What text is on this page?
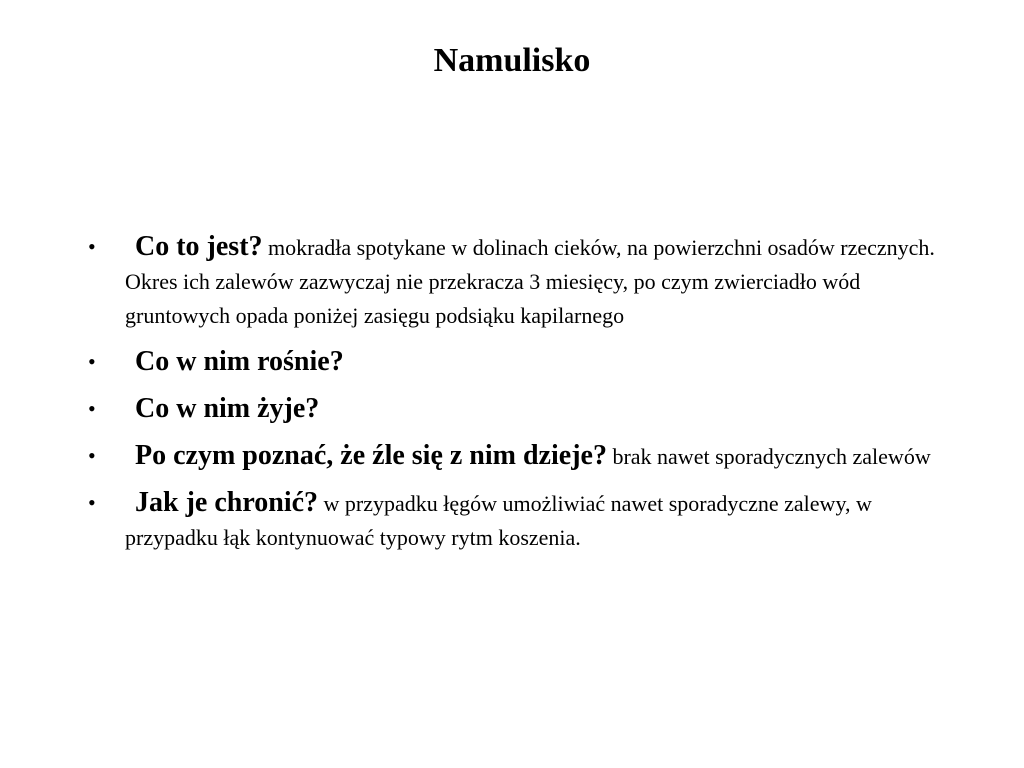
Namulisko
•	Co to jest? mokradła spotykane w dolinach cieków, na powierzchni osadów rzecznych. Okres ich zalewów zazwyczaj nie przekracza 3 miesięcy, po czym zwierciadło wód gruntowych opada poniżej zasięgu podsiąku kapilarnego
•	Co w nim rośnie?
•	Co w nim żyje?
•	Po czym poznać, że źle się z nim dzieje? brak nawet sporadycznych zalewów
•	Jak je chronić? w przypadku łęgów umożliwiać nawet sporadyczne zalewy, w przypadku łąk kontynuować typowy rytm koszenia.
